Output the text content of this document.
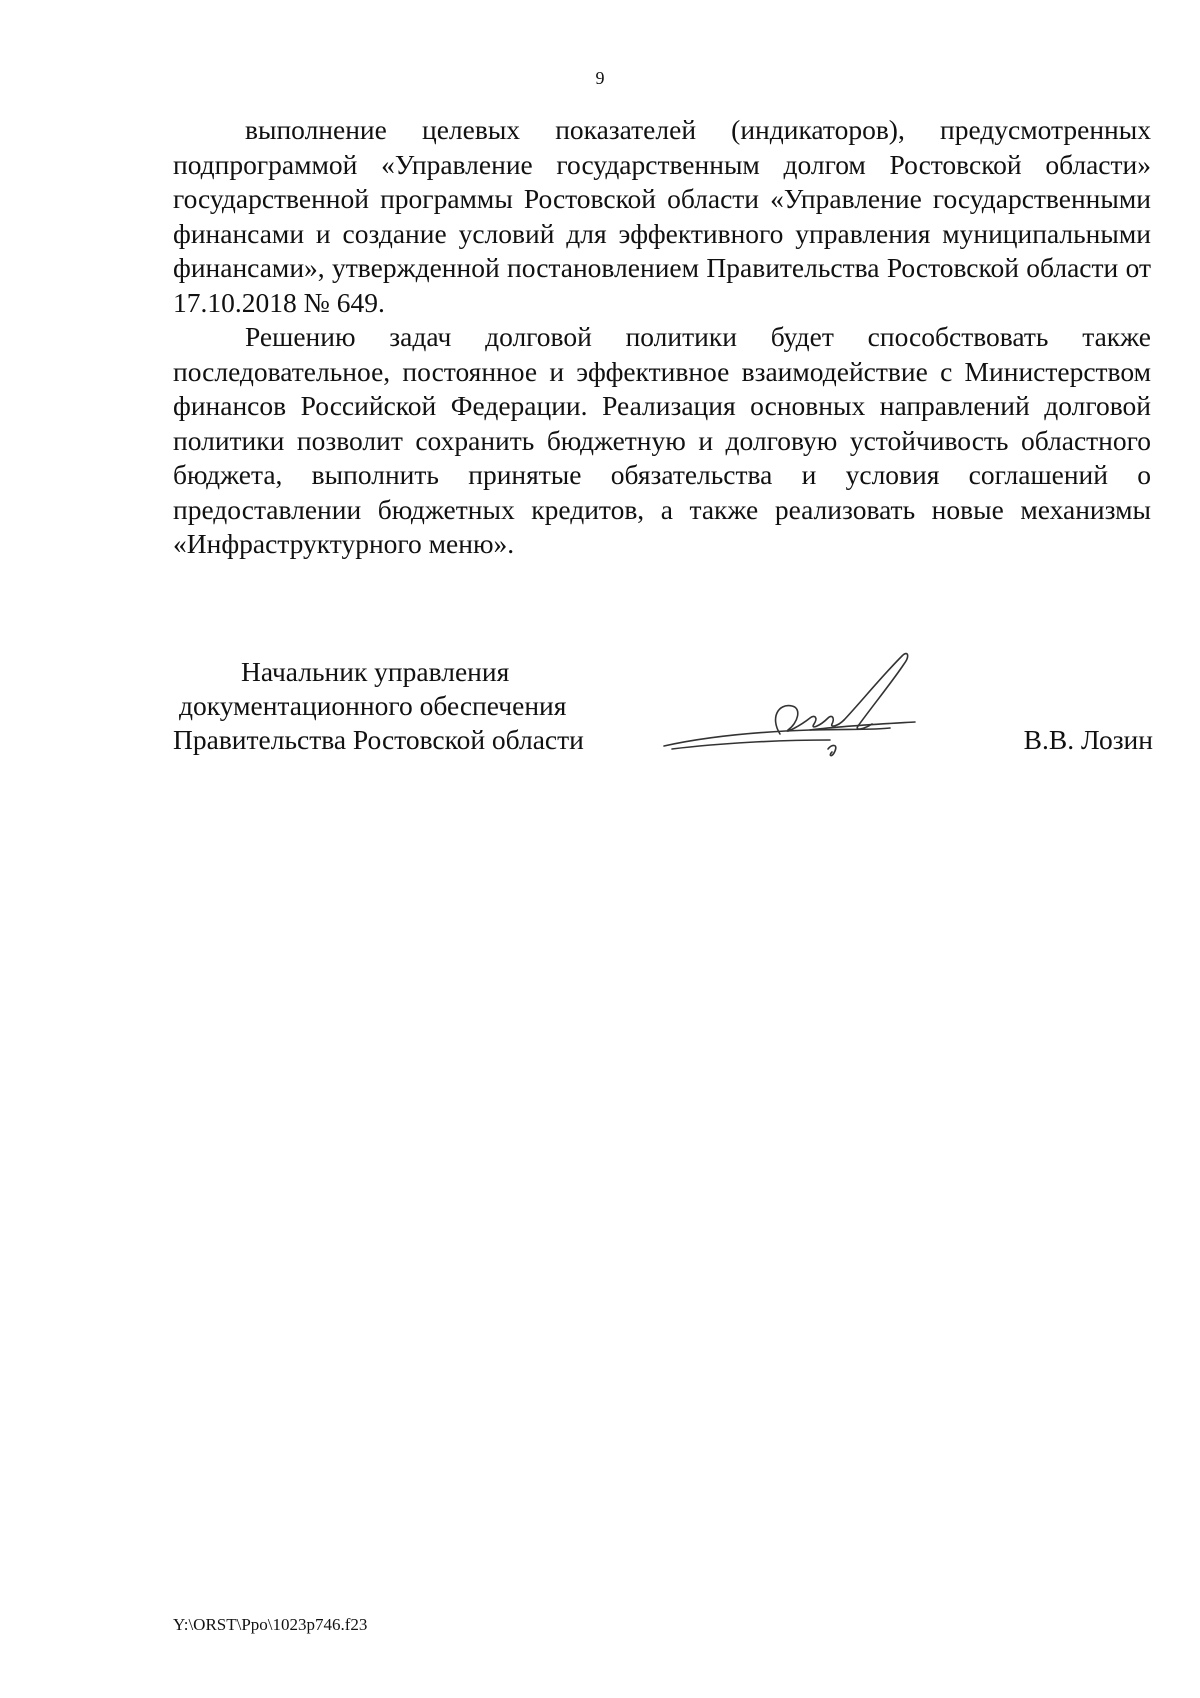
9

выполнение целевых показателей (индикаторов), предусмотренных подпрограммой «Управление государственным долгом Ростовской области» государственной программы Ростовской области «Управление государственными финансами и создание условий для эффективного управления муниципальными финансами», утвержденной постановлением Правительства Ростовской области от 17.10.2018 № 649.

Решению задач долговой политики будет способствовать также последовательное, постоянное и эффективное взаимодействие с Министерством финансов Российской Федерации. Реализация основных направлений долговой политики позволит сохранить бюджетную и долговую устойчивость областного бюджета, выполнить принятые обязательства и условия соглашений о предоставлении бюджетных кредитов, а также реализовать новые механизмы «Инфраструктурного меню».

Начальник управления
документационного обеспечения
Правительства Ростовской области	В.В. Лозин
Y:\ORST\Ppo\1023p746.f23
